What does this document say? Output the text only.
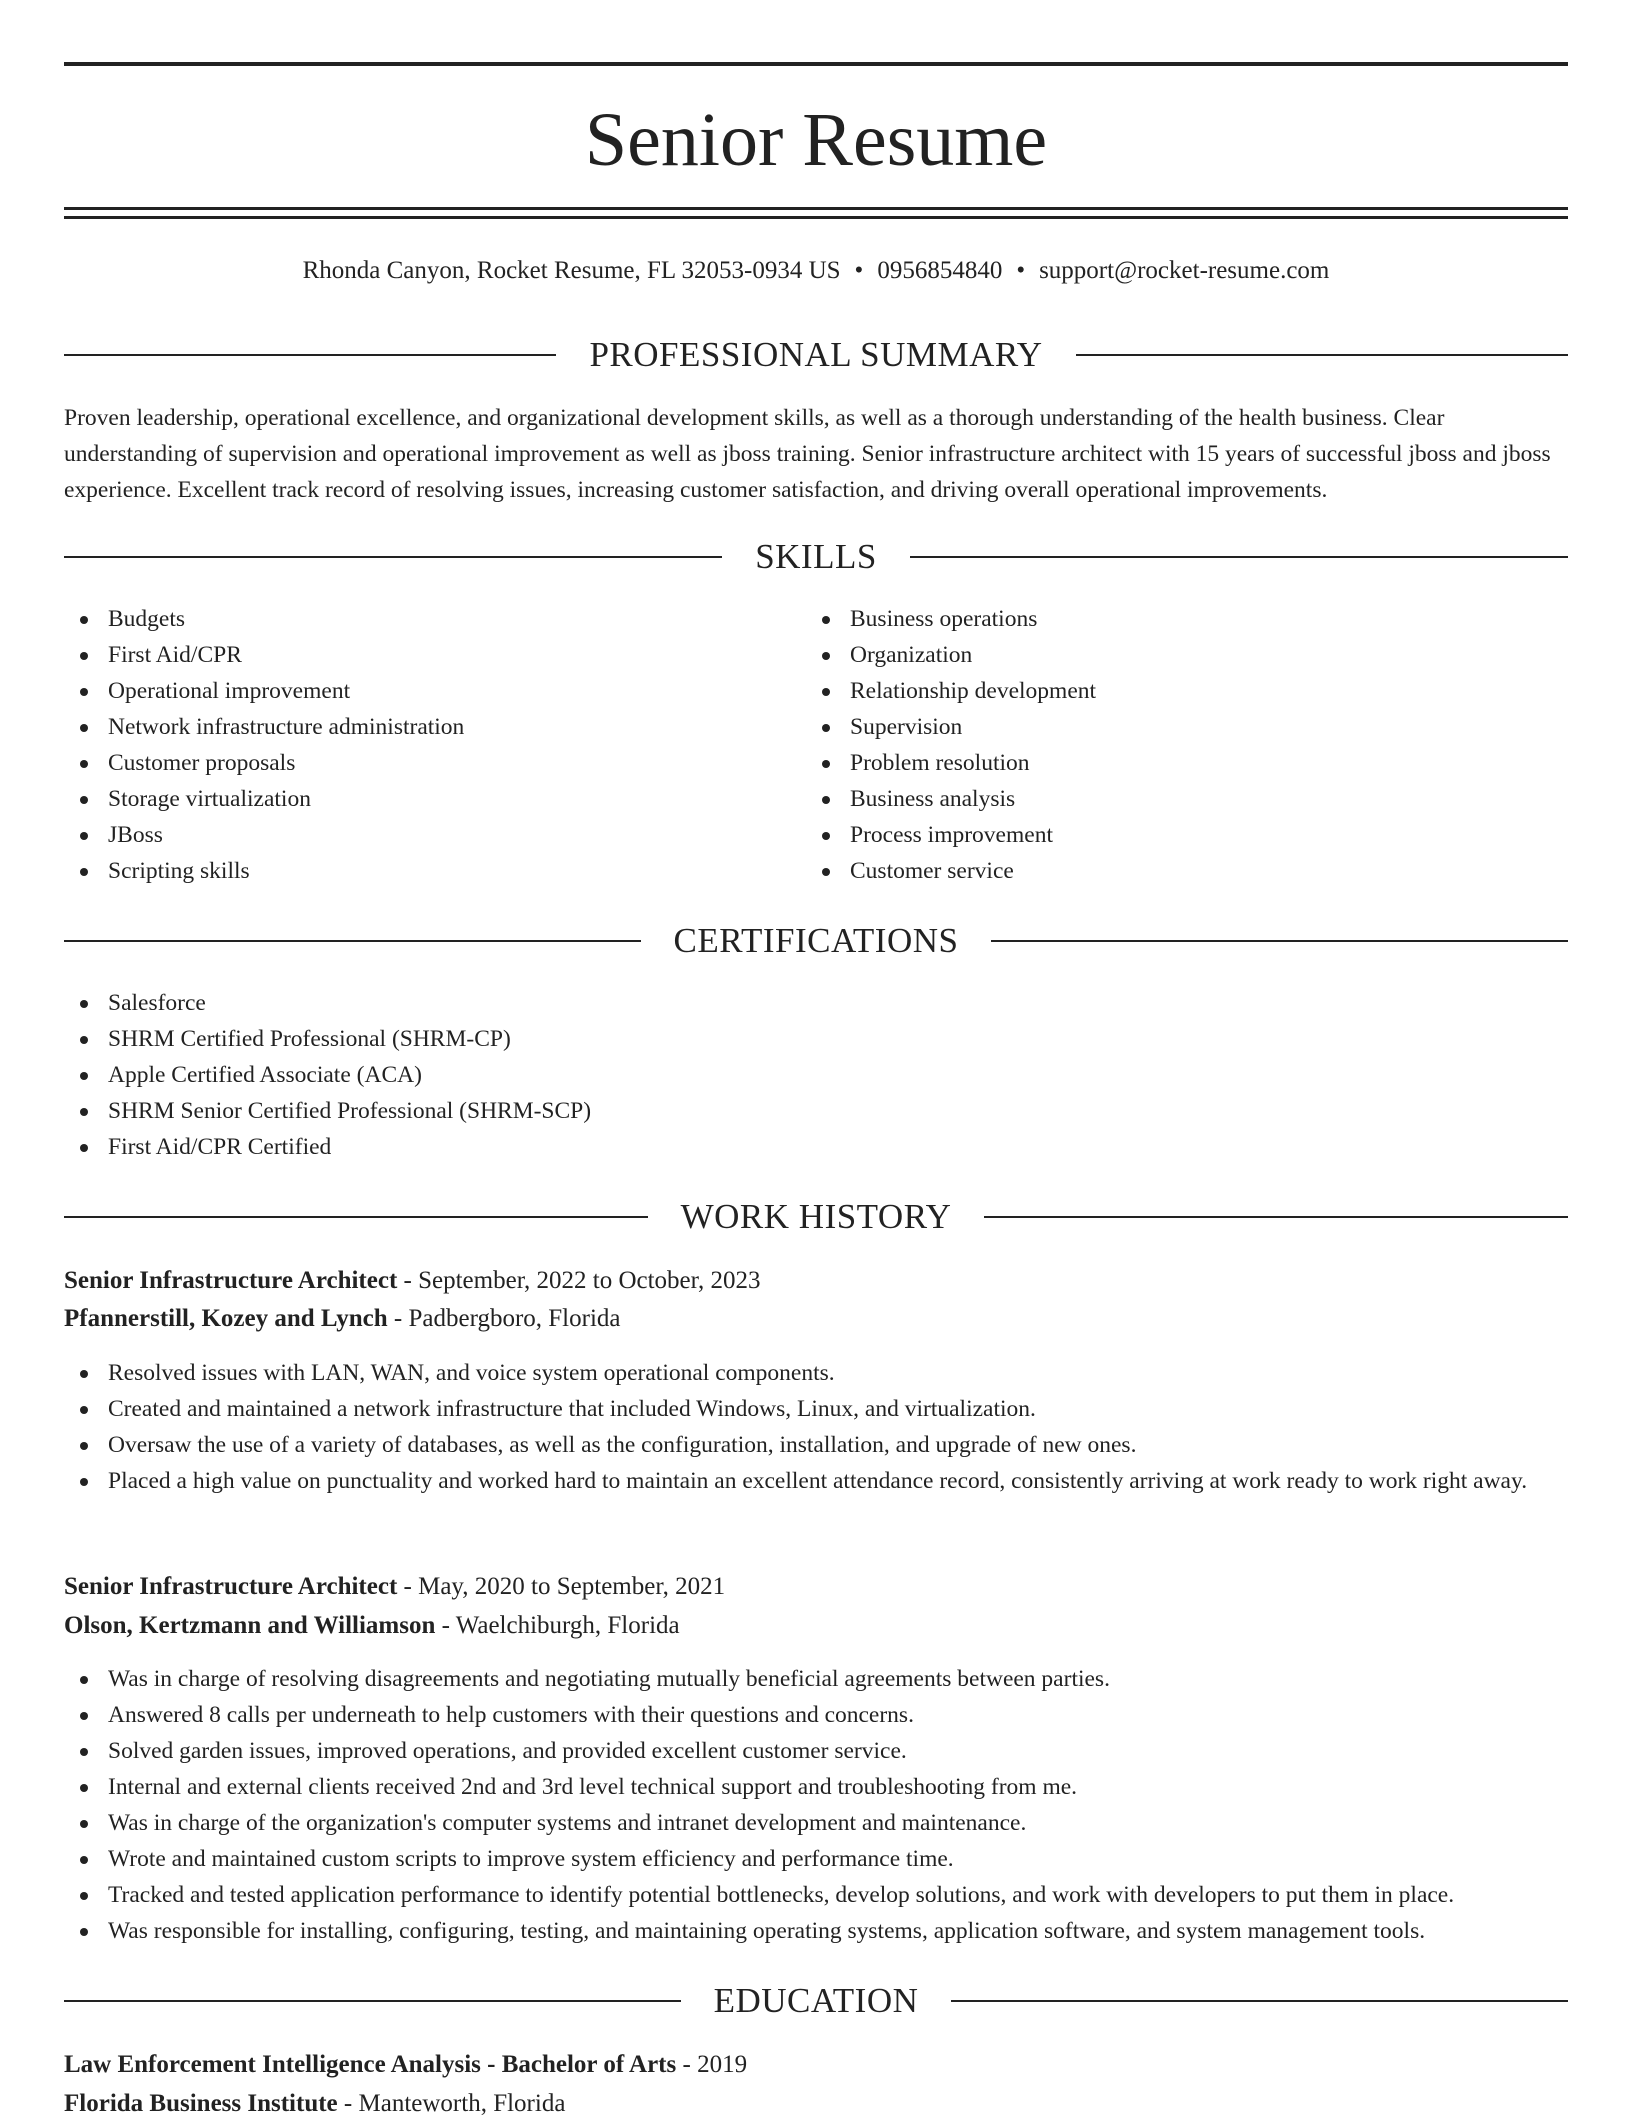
Senior Resume
Rhonda Canyon, Rocket Resume, FL 32053-0934 US • 0956854840 • support@rocket-resume.com
PROFESSIONAL SUMMARY
Proven leadership, operational excellence, and organizational development skills, as well as a thorough understanding of the health business. Clear understanding of supervision and operational improvement as well as jboss training. Senior infrastructure architect with 15 years of successful jboss and jboss experience. Excellent track record of resolving issues, increasing customer satisfaction, and driving overall operational improvements.
SKILLS
Budgets
First Aid/CPR
Operational improvement
Network infrastructure administration
Customer proposals
Storage virtualization
JBoss
Scripting skills
Business operations
Organization
Relationship development
Supervision
Problem resolution
Business analysis
Process improvement
Customer service
CERTIFICATIONS
Salesforce
SHRM Certified Professional (SHRM-CP)
Apple Certified Associate (ACA)
SHRM Senior Certified Professional (SHRM-SCP)
First Aid/CPR Certified
WORK HISTORY
Senior Infrastructure Architect - September, 2022 to October, 2023
Pfannerstill, Kozey and Lynch - Padbergboro, Florida
Resolved issues with LAN, WAN, and voice system operational components.
Created and maintained a network infrastructure that included Windows, Linux, and virtualization.
Oversaw the use of a variety of databases, as well as the configuration, installation, and upgrade of new ones.
Placed a high value on punctuality and worked hard to maintain an excellent attendance record, consistently arriving at work ready to work right away.
Senior Infrastructure Architect - May, 2020 to September, 2021
Olson, Kertzmann and Williamson - Waelchiburgh, Florida
Was in charge of resolving disagreements and negotiating mutually beneficial agreements between parties.
Answered 8 calls per underneath to help customers with their questions and concerns.
Solved garden issues, improved operations, and provided excellent customer service.
Internal and external clients received 2nd and 3rd level technical support and troubleshooting from me.
Was in charge of the organization's computer systems and intranet development and maintenance.
Wrote and maintained custom scripts to improve system efficiency and performance time.
Tracked and tested application performance to identify potential bottlenecks, develop solutions, and work with developers to put them in place.
Was responsible for installing, configuring, testing, and maintaining operating systems, application software, and system management tools.
EDUCATION
Law Enforcement Intelligence Analysis - Bachelor of Arts - 2019
Florida Business Institute - Manteworth, Florida
